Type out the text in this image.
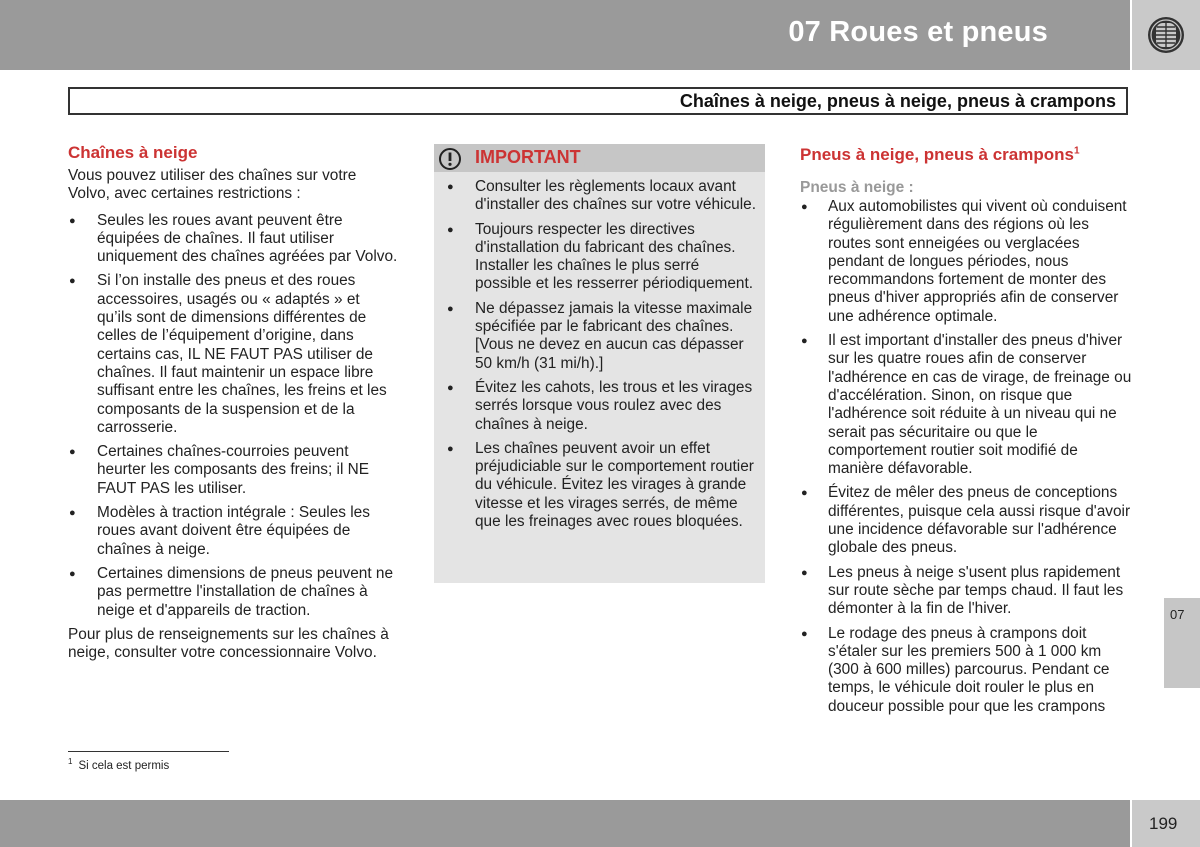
07 Roues et pneus
Chaînes à neige, pneus à neige, pneus à crampons
Chaînes à neige

Vous pouvez utiliser des chaînes sur votre Volvo, avec certaines restrictions :

● Seules les roues avant peuvent être équipées de chaînes. Il faut utiliser uniquement des chaînes agréées par Volvo.
● Si l’on installe des pneus et des roues accessoires, usagés ou « adaptés » et qu’ils sont de dimensions différentes de celles de l’équipement d’origine, dans certains cas, IL NE FAUT PAS utiliser de chaînes. Il faut maintenir un espace libre suffisant entre les chaînes, les freins et les composants de la suspension et de la carrosserie.
● Certaines chaînes-courroies peuvent heurter les composants des freins; il NE FAUT PAS les utiliser.
● Modèles à traction intégrale : Seules les roues avant doivent être équipées de chaînes à neige.
● Certaines dimensions de pneus peuvent ne pas permettre l'installation de chaînes à neige et d'appareils de traction.

Pour plus de renseignements sur les chaînes à neige, consulter votre concessionnaire Volvo.

IMPORTANT
● Consulter les règlements locaux avant d'installer des chaînes sur votre véhicule.
● Toujours respecter les directives d'installation du fabricant des chaînes. Installer les chaînes le plus serré possible et les resserrer périodiquement.
● Ne dépassez jamais la vitesse maximale spécifiée par le fabricant des chaînes. [Vous ne devez en aucun cas dépasser 50 km/h (31 mi/h).]
● Évitez les cahots, les trous et les virages serrés lorsque vous roulez avec des chaînes à neige.
● Les chaînes peuvent avoir un effet préjudiciable sur le comportement routier du véhicule. Évitez les virages à grande vitesse et les virages serrés, de même que les freinages avec roues bloquées.
Pneus à neige, pneus à crampons$^1$
Pneus à neige :
● Aux automobilistes qui vivent où conduisent régulièrement dans des régions où les routes sont enneigées ou verglacées pendant de longues périodes, nous recommandons fortement de monter des pneus d'hiver appropriés afin de conserver une adhérence optimale.
● Il est important d'installer des pneus d'hiver sur les quatre roues afin de conserver l'adhérence en cas de virage, de freinage ou d'accélération. Sinon, on risque que l'adhérence soit réduite à un niveau qui ne serait pas sécuritaire ou que le comportement routier soit modifié de manière défavorable.
● Évitez de mêler des pneus de conceptions différentes, puisque cela aussi risque d'avoir une incidence défavorable sur l'adhérence globale des pneus.
● Les pneus à neige s'usent plus rapidement sur route sèche par temps chaud. Il faut les démonter à la fin de l'hiver.
● Le rodage des pneus à crampons doit s'étaler sur les premiers 500 à 1 000 km (300 à 600 milles) parcourus. Pendant ce temps, le véhicule doit rouler le plus en douceur possible pour que les crampons
$^1$ Si cela est permis
07
199
